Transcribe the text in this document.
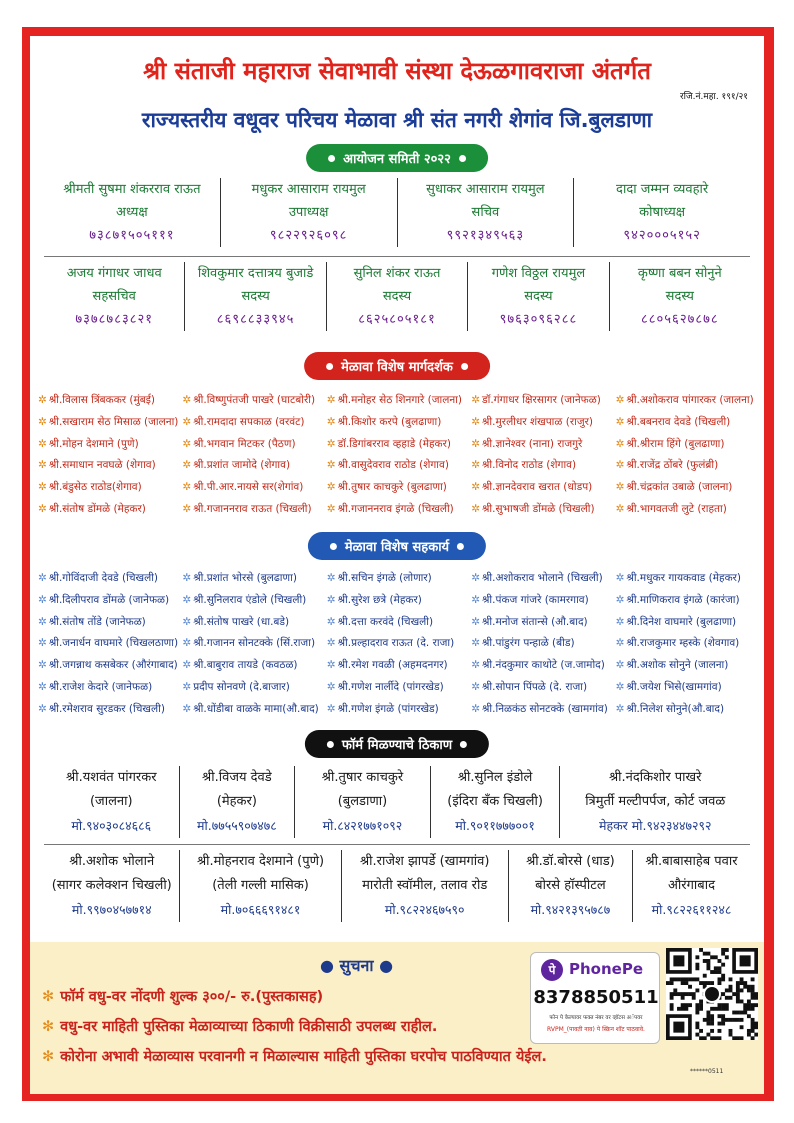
श्री संताजी महाराज सेवाभावी संस्था देऊळगावराजा अंतर्गत
रजि.नं.महा. १९१/२१
राज्यस्तरीय वधूवर परिचय मेळावा श्री संत नगरी शेगांव जि.बुलडाणा
आयोजन समिती २०२२
श्रीमती सुषमा शंकरराव राऊत
अध्यक्ष
७३८७१५०५१११
मधुकर आसाराम रायमुल
उपाध्यक्ष
९८२२९२६०९८
सुधाकर आसाराम रायमुल
सचिव
९९२१३४९५६३
दादा जम्मन व्यवहारे
कोषाध्यक्ष
९४२०००५१५२
अजय गंगाधर जाधव
सहसचिव
७३७८७८३८२१
शिवकुमार दत्तात्रय बुजाडे
सदस्य
८६९८८३३९४५
सुनिल शंकर राऊत
सदस्य
८६२५८०५१८१
गणेश विठ्ठल रायमुल
सदस्य
९७६३०९६२८८
कृष्णा बबन सोनुने
सदस्य
८८०५६२७८७८
मेळावा विशेष मार्गदर्शक
✲ श्री.विलास त्रिंबककर (मुंबई)	✲ श्री.विष्णुपंतजी पाखरे (घाटबोरी)	✲ श्री.मनोहर सेठ शिनगारे (जालना) ✲ डॉ.गंगाधर क्षिरसागर (जानेफळ)	✲ श्री.अशोकराव पांगारकर (जालना)
✲ श्री.सखाराम सेठ मिसाळ (जालना) ✲ श्री.रामदादा सपकाळ (वरवंट)	✲ श्री.किशोर करपे (बुलढाणा)	✲ श्री.मुरलीधर शंखपाळ (राजुर)	✲ श्री.बबनराव देवडे (चिखली)
✲ श्री.मोहन देशमाने (पुणे)	✲ श्री.भगवान मिटकर (पैठण)	✲ डॉ.डिगांबरराव व्हहाडे (मेहकर)	✲ श्री.ज्ञानेश्वर (नाना) राजगुरे	✲ श्री.श्रीराम हिंगे (बुलढाणा)
✲ श्री.समाधान नवघळे (शेगाव)	✲ श्री.प्रशांत जामोदे (शेगाव)	✲ श्री.वासुदेवराव राठोड (शेगाव)	✲ श्री.विनोद राठोड (शेगाव)	✲ श्री.राजेंद्र ठोंबरे (फुलंब्री)
✲ श्री.बंडुसेठ राठोड(शेगाव)	✲ श्री.पी.आर.नायसे सर(शेगांव)	✲ श्री.तुषार काचकुरे (बुलढाणा)	✲ श्री.ज्ञानदेवराव खरात (धोडप)	✲ श्री.चंद्रकांत उबाळे (जालना)
✲ श्री.संतोष डोंमळे (मेहकर)	✲ श्री.गजाननराव राऊत (चिखली)	✲ श्री.गजाननराव इंगळे (चिखली)	✲ श्री.सुभाषजी डोंमळे (चिखली)	✲ श्री.भागवतजी लुटे (राहता)
मेळावा विशेष सहकार्य
✲ श्री.गोविंदाजी देवडे (चिखली)	✲ श्री.प्रशांत भोरसे (बुलढाणा)	✲ श्री.सचिन इंगळे (लोणार)	✲ श्री.अशोकराव भोलाने (चिखली)	✲ श्री.मधुकर गायकवाड (मेहकर)
✲ श्री.दिलीपराव डोंमळे (जानेफळ)	✲ श्री.सुनिलराव एंडोले (चिखली)	✲ श्री.सुरेश छत्रे (मेहकर)	✲ श्री.पंकज गांजरे (कामरगाव)	✲ श्री.माणिकराव इंगळे (कारंजा)
✲ श्री.संतोष तोंडे (जानेफळ)	✲ श्री.संतोष पाखरे (धा.बडे)	✲ श्री.दत्ता करवंदे (चिखली)	✲ श्री.मनोज संतान्से (औ.बाद)	✲ श्री.दिनेश वाघमारे (बुलढाणा)
✲ श्री.जनार्धन वाघमारे (चिखलठाणा) ✲ श्री.गजानन सोनटक्के (सिं.राजा)	✲ श्री.प्रल्हादराव राऊत (दे. राजा)	✲ श्री.पांडुरंग पन्हाळे (बीड)	✲ श्री.राजकुमार म्हस्के (शेवगाव)
✲ श्री.जगन्नाथ कसबेकर (औरंगाबाद) ✲ श्री.बाबुराव तायडे (कवठळ)	✲ श्री.रमेश गवळी (अहमदनगर)	✲ श्री.नंदकुमार काथोटे (ज.जामोद)	✲ श्री.अशोक सोनुने (जालना)
✲ श्री.राजेश केदारे (जानेफळ)	✲ प्रदीप सोनवणे (दे.बाजार)	✲ श्री.गणेश नार्लीदे (पांगरखेड)	✲ श्री.सोपान पिंपळे (दे. राजा)	✲ श्री.जयेश भिसे(खामगांव)
✲ श्री.रमेशराव सुरडकर (चिखली)	✲ श्री.धोंडीबा वाळके मामा(औ.बाद) ✲ श्री.गणेश इंगळे (पांगरखेड)	✲ श्री.निळकंठ सोनटक्के (खामगांव) ✲ श्री.निलेश सोनुने(औ.बाद)
फॉर्म मिळण्याचे ठिकाण
श्री.यशवंत पांगरकर
(जालना)
मो.९४०३०८४६८६
श्री.विजय देवडे
(मेहकर)
मो.७७५५९०७४७८
श्री.तुषार काचकुरे
(बुलडाणा)
मो.८४२१७७१०९२
श्री.सुनिल इंडोले
(इंदिरा बँक चिखली)
मो.९०११७७७००१
श्री.नंदकिशोर पाखरे
त्रिमुर्ती मल्टीपर्पज, कोर्ट जवळ
मेहकर मो.९४२३४४७२९२
श्री.अशोक भोलाने
(सागर कलेक्शन चिखली)
मो.९९७०४५७७१४
श्री.मोहनराव देशमाने (पुणे)
(तेली गल्ली मासिक)
मो.७०६६६९१४८१
श्री.राजेश झापर्डे (खामगांव)
मारोती स्वॉमील, तलाव रोड
मो.९८२२४६७५९०
श्री.डॉ.बोरसे (धाड)
बोरसे हॉस्पीटल
मो.९४२१३९५७८७
श्री.बाबासाहेब पवार
औरंगाबाद
मो.९८२२६११२४८
● सुचना ●
✻ फॉर्म वधु-वर नोंदणी शुल्क ३००/- रु.(पुस्तकासह)
✻ वधु-वर माहिती पुस्तिका मेळाव्याच्या ठिकाणी विक्रीसाठी उपलब्ध राहील.
✻ कोरोना अभावी मेळाव्यास परवानगी न मिळाल्यास माहिती पुस्तिका घरपोच पाठविण्यात येईल.
पे PhonePe
8378850511
फोन पे केल्यावर फक्त नंबर वर व्हॉटस अॅपवर
RVPM_(पावती नाव) पे स्क्रिन शॉट पाठवावे.
******0511
